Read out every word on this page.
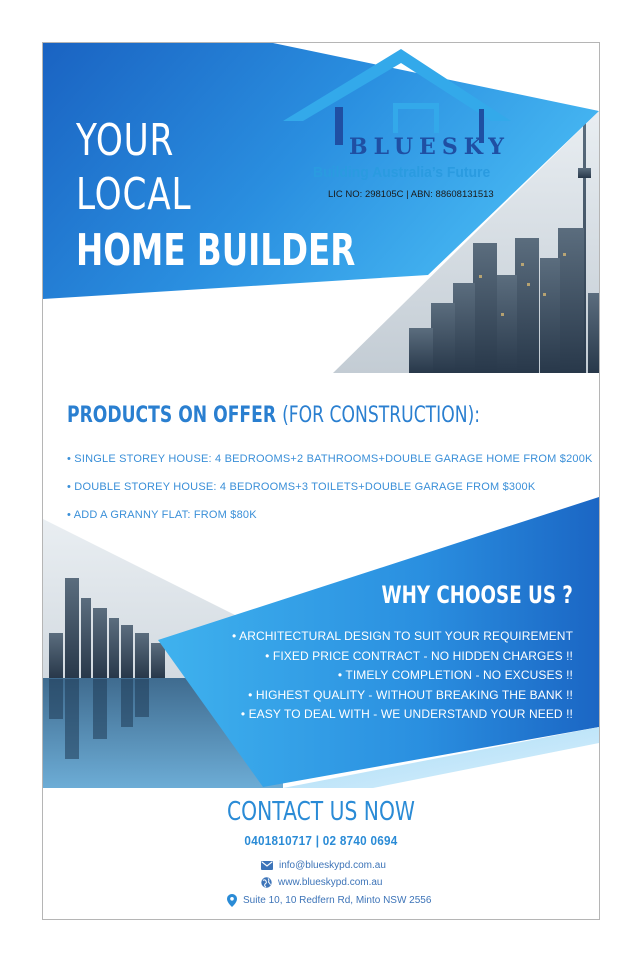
YOUR
LOCAL
HOME BUILDER
BLUESKY
Building Australia’s Future
LIC NO: 298105C | ABN: 88608131513
PRODUCTS ON OFFER (FOR CONSTRUCTION):
• SINGLE STOREY HOUSE: 4 BEDROOMS+2 BATHROOMS+DOUBLE GARAGE HOME FROM $200K
• DOUBLE STOREY HOUSE: 4 BEDROOMS+3 TOILETS+DOUBLE GARAGE FROM $300K
• ADD A GRANNY FLAT: FROM $80K
WHY CHOOSE US ?
• ARCHITECTURAL DESIGN TO SUIT YOUR REQUIREMENT
• FIXED PRICE CONTRACT - NO HIDDEN CHARGES !!
• TIMELY COMPLETION - NO EXCUSES !!
• HIGHEST QUALITY - WITHOUT BREAKING THE BANK !!
• EASY TO DEAL WITH - WE UNDERSTAND YOUR NEED !!
CONTACT US NOW
0401810717 | 02 8740 0694
info@blueskypd.com.au
www.blueskypd.com.au
Suite 10, 10 Redfern Rd, Minto NSW 2556
